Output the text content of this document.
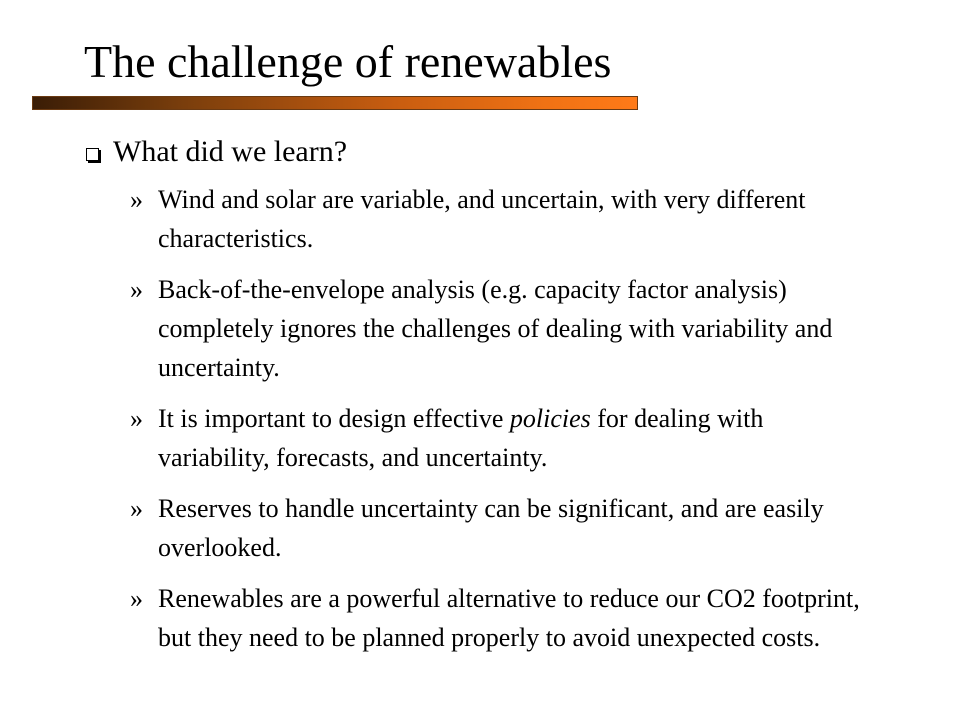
The challenge of renewables
What did we learn?
» Wind and solar are variable, and uncertain, with very different characteristics.
» Back-of-the-envelope analysis (e.g. capacity factor analysis) completely ignores the challenges of dealing with variability and uncertainty.
» It is important to design effective policies for dealing with variability, forecasts, and uncertainty.
» Reserves to handle uncertainty can be significant, and are easily overlooked.
» Renewables are a powerful alternative to reduce our CO2 footprint, but they need to be planned properly to avoid unexpected costs.
